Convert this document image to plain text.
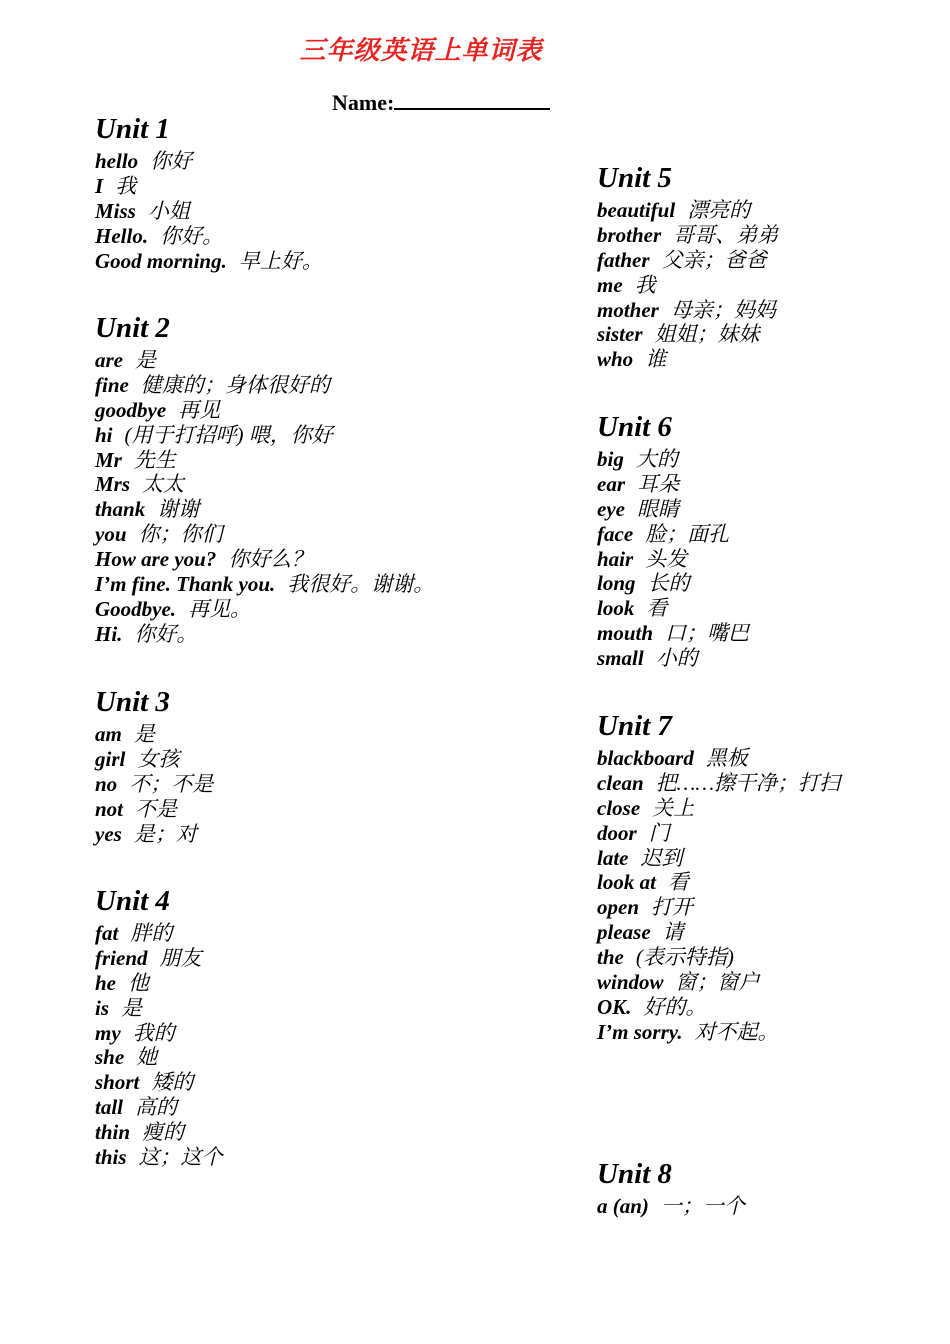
三年级英语上单词表
Name:
Unit 1
hello 你好
I 我
Miss 小姐
Hello. 你好。
Good morning. 早上好。
Unit 2
are 是
fine 健康的；身体很好的
goodbye 再见
hi (用于打招呼) 喂，你好
Mr 先生
Mrs 太太
thank 谢谢
you 你；你们
How are you? 你好么？
I’m fine. Thank you. 我很好。谢谢。
Goodbye. 再见。
Hi. 你好。
Unit 3
am 是
girl 女孩
no 不；不是
not 不是
yes 是；对
Unit 4
fat 胖的
friend 朋友
he 他
is 是
my 我的
she 她
short 矮的
tall 高的
thin 瘦的
this 这；这个
Unit 5
beautiful 漂亮的
brother 哥哥、弟弟
father 父亲；爸爸
me 我
mother 母亲；妈妈
sister 姐姐；妹妹
who 谁
Unit 6
big 大的
ear 耳朵
eye 眼睛
face 脸；面孔
hair 头发
long 长的
look 看
mouth 口；嘴巴
small 小的
Unit 7
blackboard 黑板
clean 把……擦干净；打扫
close 关上
door 门
late 迟到
look at 看
open 打开
please 请
the (表示特指)
window 窗；窗户
OK. 好的。
I’m sorry. 对不起。
Unit 8
a (an) 一；一个
